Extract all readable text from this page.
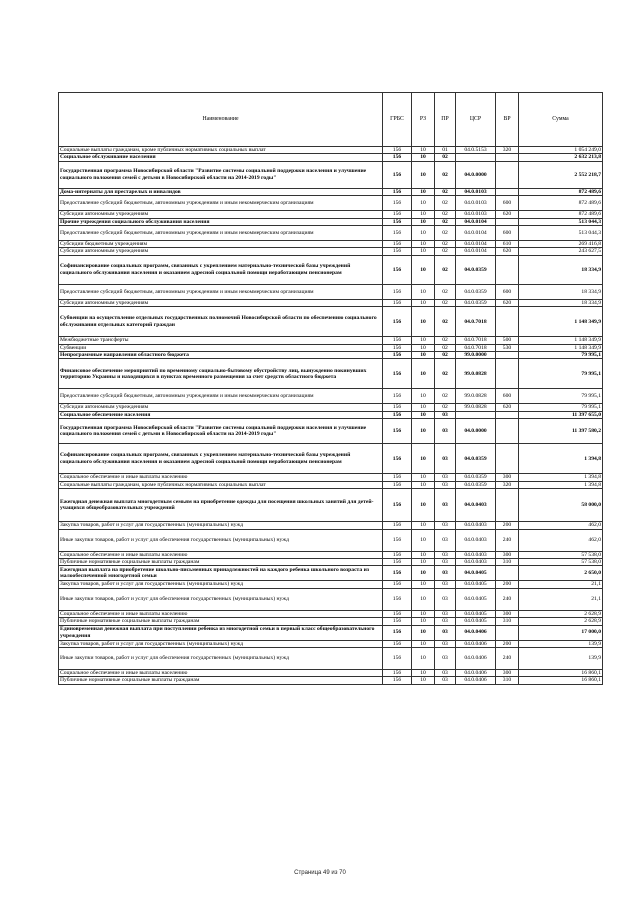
Наименование	ГРБС	РЗ	ПР	ЦСР	ВР	Сумма
Социальные выплаты гражданам, кроме публичных нормативных социальных выплат	156	10	01	04.0.5153	320	1 054 249,0
Социальное обслуживание населения	156	10	02			2 632 213,8
Государственная программа Новосибирской области "Развитие системы социальной поддержки населения и улучшение социального положения семей с детьми в Новосибирской области на 2014-2019 годы"	156	10	02	04.0.0000		2 552 218,7
Дома-интернаты для престарелых и инвалидов	156	10	02	04.0.0103		872 489,6
Предоставление субсидий бюджетным, автономным учреждениям и иным некоммерческим организациям	156	10	02	04.0.0103	600	872 489,6
Субсидии автономным учреждениям	156	10	02	04.0.0103	620	872 489,6
Прочие учреждения социального обслуживания населения	156	10	02	04.0.0104		513 044,3
Предоставление субсидий бюджетным, автономным учреждениям и иным некоммерческим организациям	156	10	02	04.0.0104	600	513 044,3
Субсидии бюджетным учреждениям	156	10	02	04.0.0104	610	269 416,8
Субсидии автономным учреждениям	156	10	02	04.0.0104	620	243 627,5
Софинансирование социальных программ, связанных с укреплением материально-технической базы учреждений социального обслуживания населения и оказанием адресной социальной помощи неработающим пенсионерам	156	10	02	04.0.0359		18 334,9
Предоставление субсидий бюджетным, автономным учреждениям и иным некоммерческим организациям	156	10	02	04.0.0359	600	18 334,9
Субсидии автономным учреждениям	156	10	02	04.0.0359	620	18 334,9
Субвенции на осуществление отдельных государственных полномочий Новосибирской области по обеспечению социального обслуживания отдельных категорий граждан	156	10	02	04.0.7018		1 148 349,9
Межбюджетные трансферты	156	10	02	04.0.7018	500	1 148 349,9
Субвенции	156	10	02	04.0.7018	530	1 148 349,9
Непрограммные направления областного бюджета	156	10	02	99.0.0000		79 995,1
Финансовое обеспечение мероприятий по временному социально-бытовому обустройству лиц, вынужденно покинувших территорию Украины и находящихся в пунктах временного размещения за счет средств областного бюджета	156	10	02	99.0.0828		79 995,1
Предоставление субсидий бюджетным, автономным учреждениям и иным некоммерческим организациям	156	10	02	99.0.0828	600	79 995,1
Субсидии автономным учреждениям	156	10	02	99.0.0828	620	79 995,1
Социальное обеспечение населения	156	10	03			11 397 655,0
Государственная программа Новосибирской области "Развитие системы социальной поддержки населения и улучшение социального положения семей с детьми в Новосибирской области на 2014-2019 годы"	156	10	03	04.0.0000		11 397 580,2
Софинансирование социальных программ, связанных с укреплением материально-технической базы учреждений социального обслуживания населения и оказанием адресной социальной помощи неработающим пенсионерам	156	10	03	04.0.0359		1 394,8
Социальное обеспечение и иные выплаты населению	156	10	03	04.0.0359	300	1 394,8
Социальные выплаты гражданам, кроме публичных нормативных социальных выплат	156	10	03	04.0.0359	320	1 394,8
Ежегодная денежная выплата многодетным семьям на приобретение одежды для посещения школьных занятий для детей-учащихся общеобразовательных учреждений	156	10	03	04.0.0403		58 000,0
Закупка товаров, работ и услуг для государственных (муниципальных) нужд	156	10	03	04.0.0403	200	462,0
Иные закупки товаров, работ и услуг для обеспечения государственных (муниципальных) нужд	156	10	03	04.0.0403	240	462,0
Социальное обеспечение и иные выплаты населению	156	10	03	04.0.0403	300	57 538,0
Публичные нормативные социальные выплаты гражданам	156	10	03	04.0.0403	310	57 538,0
Ежегодная выплата на приобретение школьно-письменных принадлежностей на каждого ребенка школьного возраста из малообеспеченной многодетной семьи	156	10	03	04.0.0405		2 650,0
Закупка товаров, работ и услуг для государственных (муниципальных) нужд	156	10	03	04.0.0405	200	21,1
Иные закупки товаров, работ и услуг для обеспечения государственных (муниципальных) нужд	156	10	03	04.0.0405	240	21,1
Социальное обеспечение и иные выплаты населению	156	10	03	04.0.0405	300	2 628,9
Публичные нормативные социальные выплаты гражданам	156	10	03	04.0.0405	310	2 628,9
Единовременная денежная выплата при поступлении ребенка из многодетной семьи в первый класс общеобразовательного учреждения	156	10	03	04.0.0406		17 000,0
Закупка товаров, работ и услуг для государственных (муниципальных) нужд	156	10	03	04.0.0406	200	139,9
Иные закупки товаров, работ и услуг для обеспечения государственных (муниципальных) нужд	156	10	03	04.0.0406	240	139,9
Социальное обеспечение и иные выплаты населению	156	10	03	04.0.0406	300	16 860,1
Публичные нормативные социальные выплаты гражданам	156	10	03	04.0.0406	310	16 860,1
Страница 49 из 70
